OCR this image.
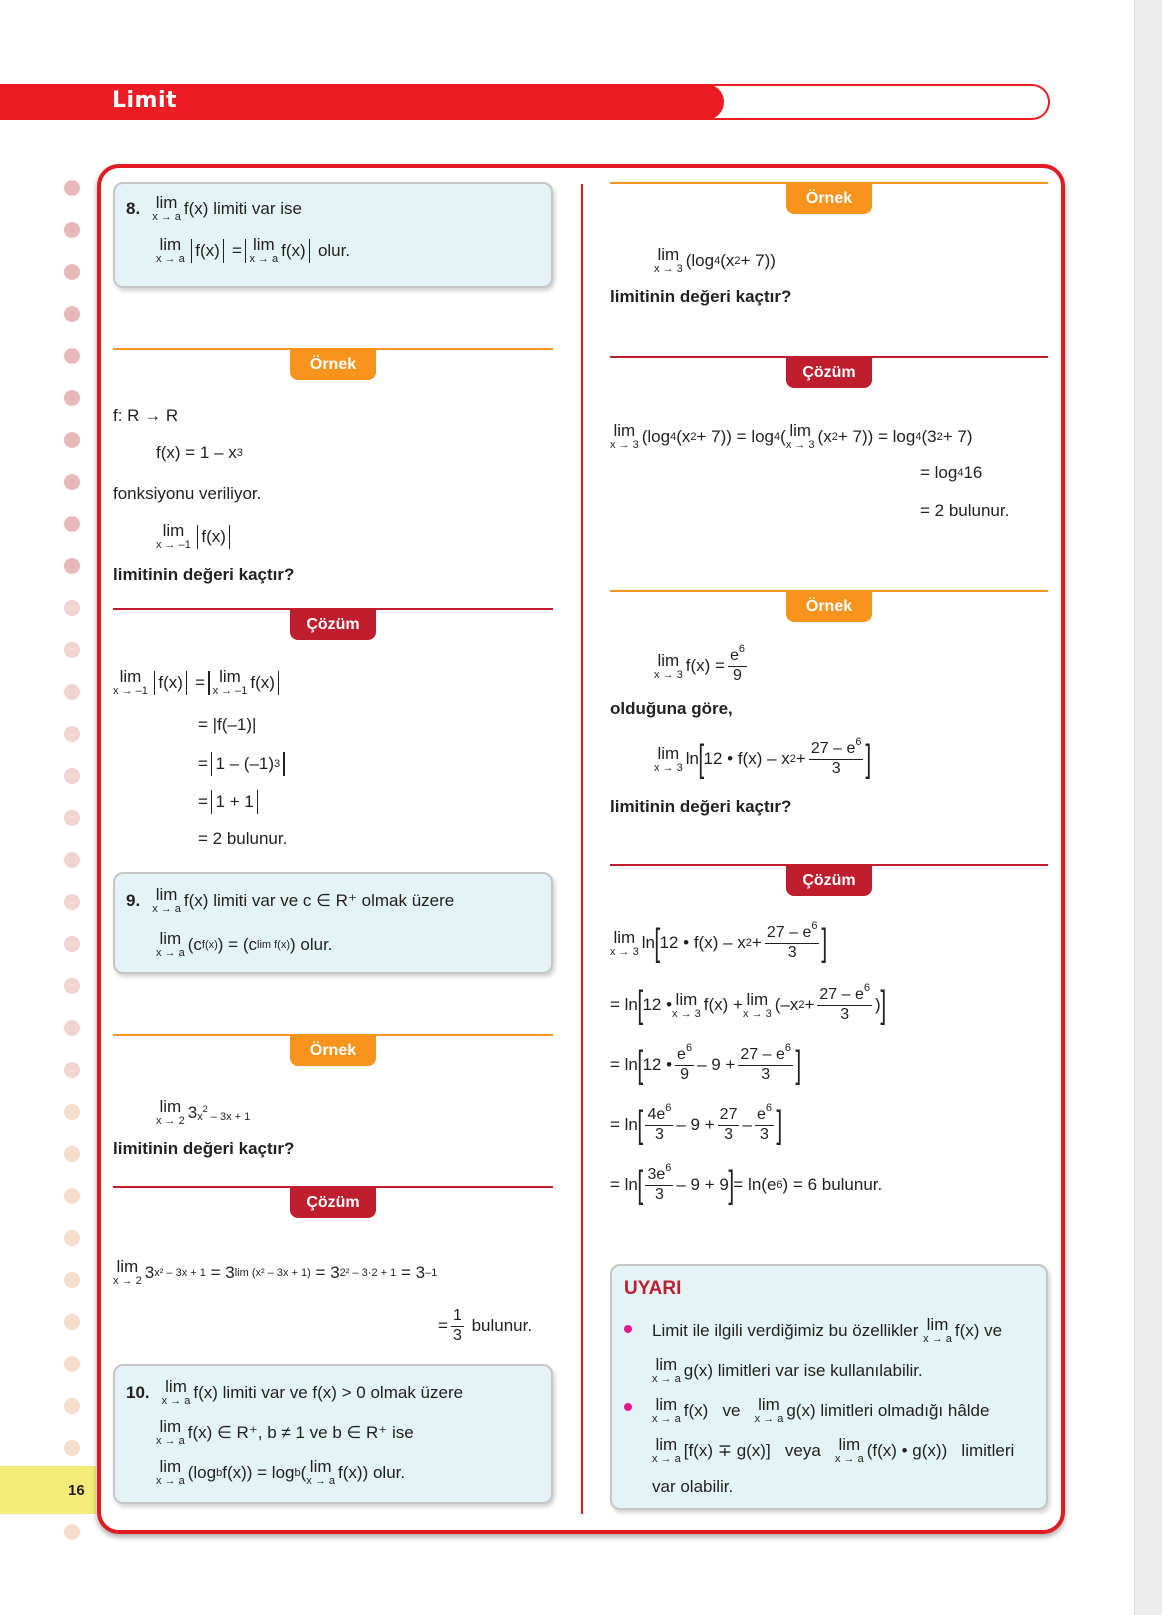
Limit
16
8. lim
x → a f(x) limiti var ise
lim
x → a f(x)
= lim
x → a f(x)
olur.
Örnek
f: R → R
f(x) = 1 – x 3
fonksiyonu veriliyor.
lim
x → –1 f(x)
limitinin değeri kaçtır?
Çözüm
lim
x → –1 f(x)
= lim
x → –1 f(x)
= |f(–1)|
= 1 – (–1) 3
= 1 + 1
= 2 bulunur.
9. lim
x → a f(x) limiti var ve c ∈ R⁺ olmak üzere
lim
x → a (c f(x) ) = (c lim f(x) ) olur.
Örnek
lim
x → 2 3 $x^2 - 3x + 1$
limitinin değeri kaçtır?
Çözüm
lim
x → 2 3 x² – 3x + 1 = 3 lim (x² – 3x + 1) = 3 2² – 3·2 + 1 = 3 –1
= $\frac{1}{3}$
bulunur.
10. lim
x → a f(x) limiti var ve f(x) > 0 olmak üzere
lim
x → a f(x) ∈ R⁺, b ≠ 1 ve b ∈ R⁺ ise
lim
x → a (log b f(x)) = log b ( lim
x → a f(x)) olur.
Örnek
lim
x → 3 (log 4 (x 2 + 7))
limitinin değeri kaçtır?
Çözüm
lim
x → 3 (log 4 (x 2 + 7)) = log 4 ( lim
x → 3 (x 2 + 7)) = log 4 (3 2 + 7)
= log 4 16
= 2 bulunur.
Örnek
lim
x → 3 $f(x) = \frac{e^6}{9}$
olduğuna göre,
lim
x → 3 ln [ 12 • f(x) – x $2 + \frac{27 - e^6}{3}$ ]
limitinin değeri kaçtır?
Çözüm
lim
x → 3 ln [ 12 • f(x) – x $2 + \frac{27 - e^6}{3}$ ]
= ln [ 12 • lim
x → 3 f(x) + lim
x → 3 (–x $2 + \frac{27 - e^6}{3}$ ) ]
= ln [ 12 • $\frac{e^6}{9} - 9 + \frac{27 - e^6}{3}$ ]
= ln [ $\frac{4e^6}{3} - 9 + \frac{27}{3} - \frac{e^6}{3}$ ]
= ln [ $\frac{3e^6}{3} - 9 + 9$ ] = ln(e 6 ) = 6 bulunur.
UYARI
Limit ile ilgili verdiğimiz bu özellikler
lim
x → a f(x) ve
lim
x → a g(x) limitleri var ise kullanılabilir.
lim
x → a f(x)
ve
lim
x → a g(x) limitleri olmadığı hâlde
lim
x → a [f(x) ∓ g(x)] veya
lim
x → a (f(x) • g(x)) limitleri
var olabilir.
